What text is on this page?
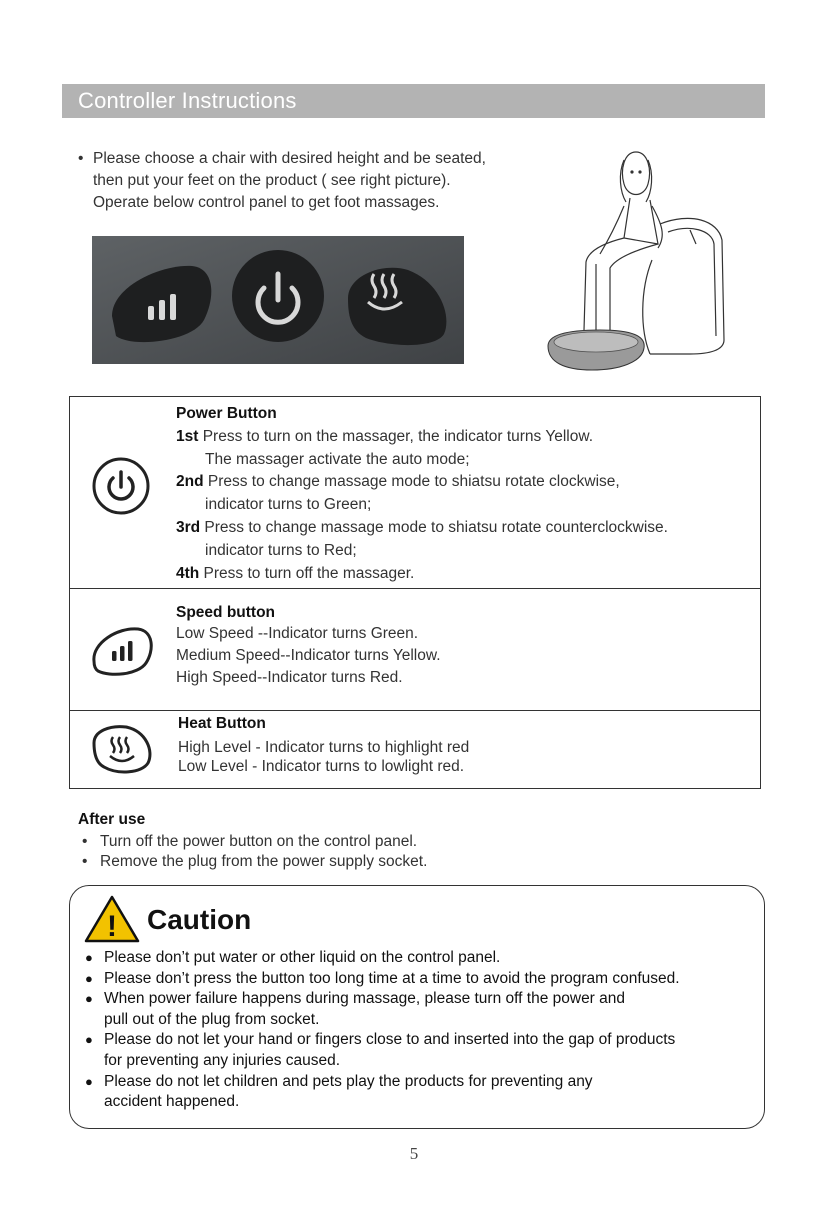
Controller Instructions
• Please choose a chair with desired height and be seated,
then put your feet on the product ( see right picture).
Operate below control panel to get foot massages.
Power Button
1st Press to turn on the massager, the indicator turns Yellow.
The massager activate the auto mode;
2nd Press to change massage mode to shiatsu rotate clockwise,
indicator turns to Green;
3rd Press to change massage mode to shiatsu rotate counterclockwise.
indicator turns to Red;
4th Press to turn off the massager.
Speed button
Low Speed --Indicator turns Green.
Medium Speed--Indicator turns Yellow.
High Speed--Indicator turns Red.
Heat Button
High Level - Indicator turns to highlight red
Low Level - Indicator turns to lowlight red.
After use
• Turn off the power button on the control panel.
• Remove the plug from the power supply socket.
! Caution
● Please don’t put water or other liquid on the control panel.
● Please don’t press the button too long time at a time to avoid the program confused.
● When power failure happens during massage, please turn off the power and
pull out of the plug from socket.
● Please do not let your hand or fingers close to and inserted into the gap of products
for preventing any injuries caused.
● Please do not let children and pets play the products for preventing any
accident happened.
5
